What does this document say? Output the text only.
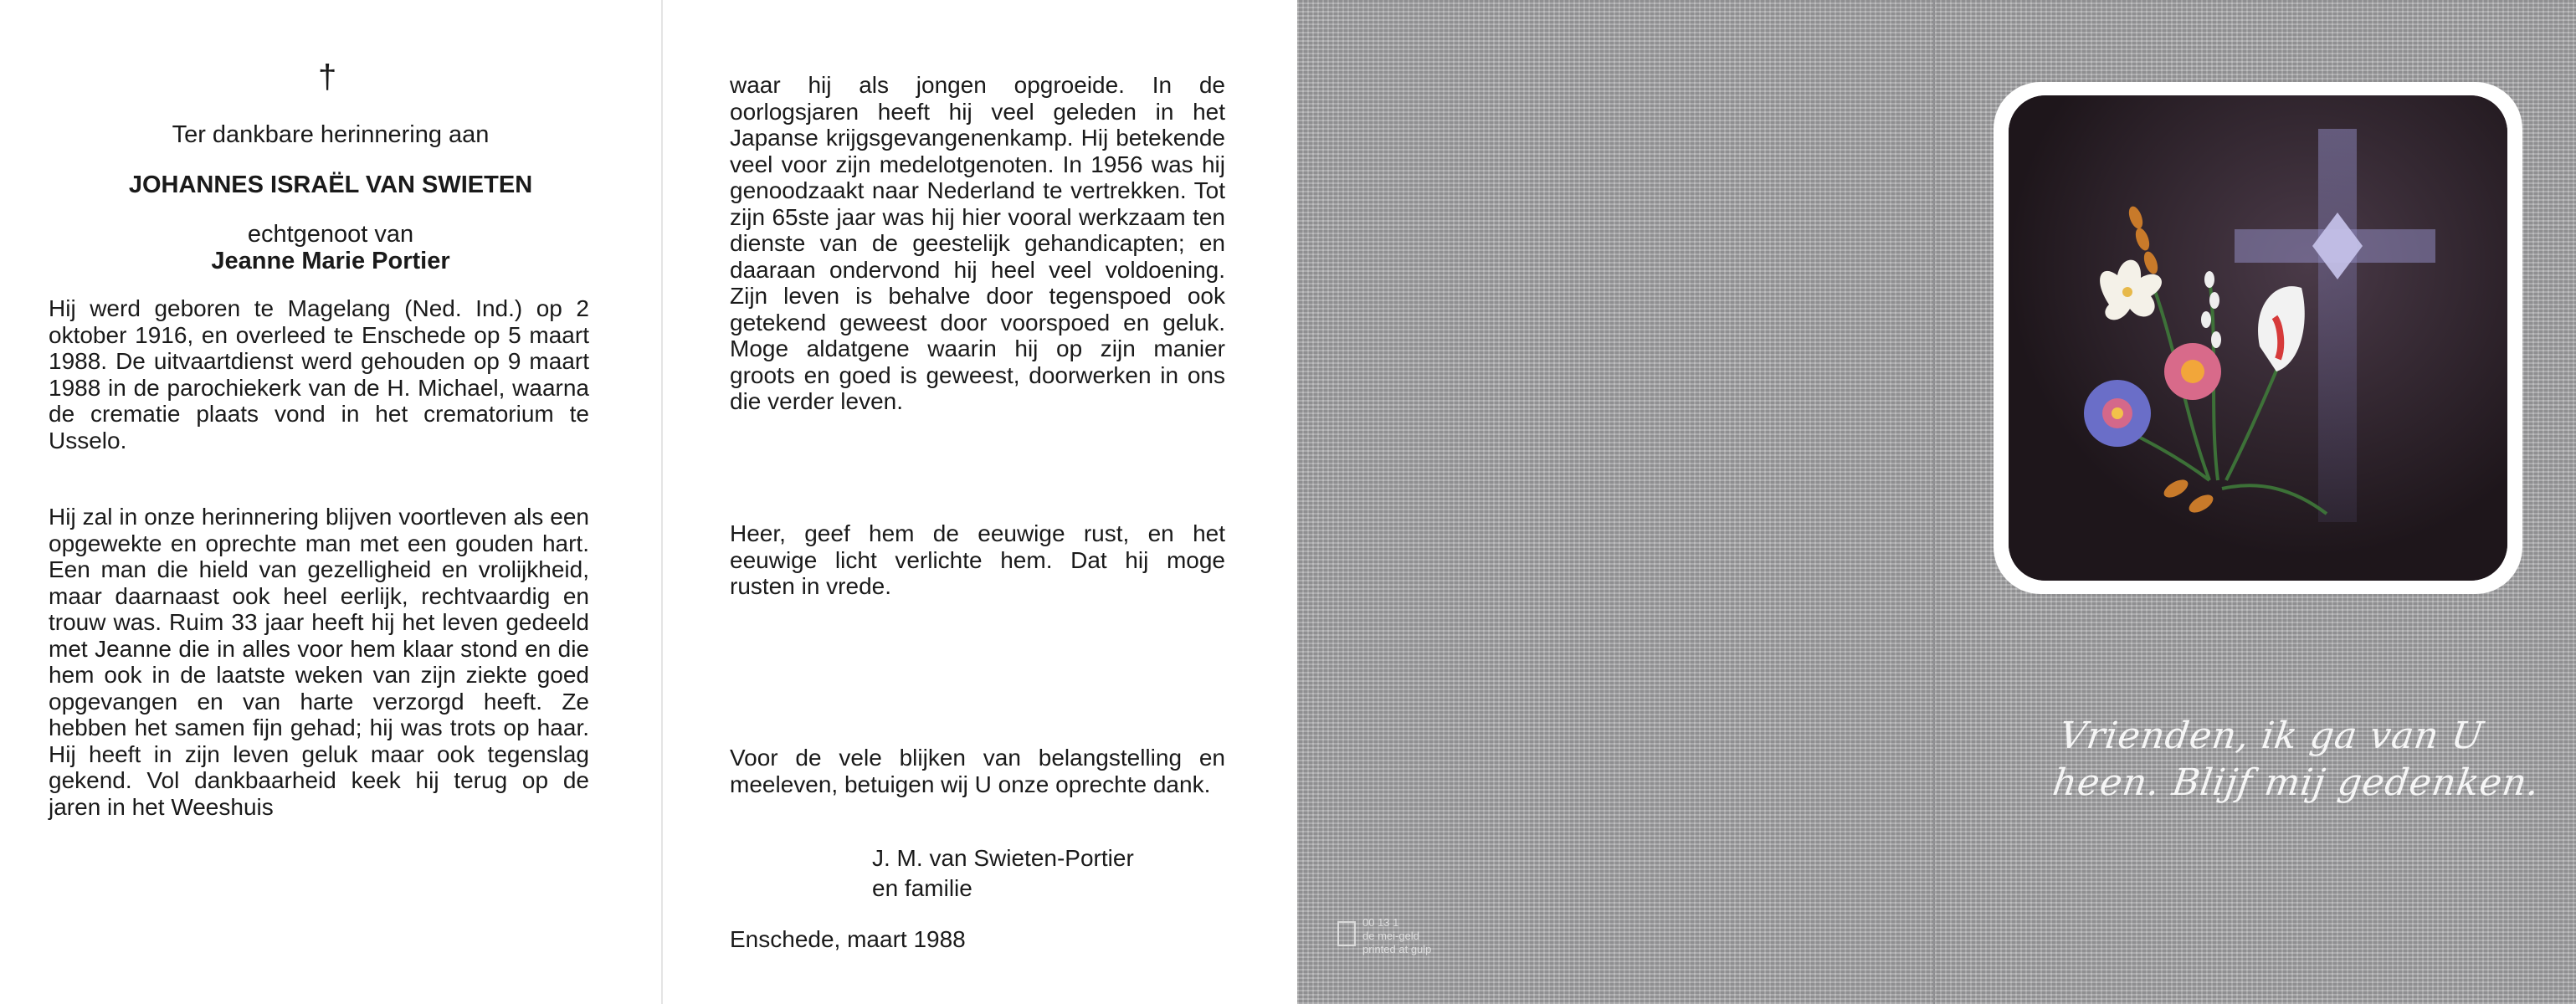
†
Ter dankbare herinnering aan
JOHANNES ISRAËL VAN SWIETEN
echtgenoot van
Jeanne Marie Portier
Hij werd geboren te Magelang (Ned. Ind.) op 2 oktober 1916, en overleed te Enschede op 5 maart 1988. De uitvaartdienst werd gehouden op 9 maart 1988 in de parochiekerk van de H. Michael, waarna de crematie plaats vond in het crematorium te Usselo.
Hij zal in onze herinnering blijven voortleven als een opgewekte en oprechte man met een gouden hart. Een man die hield van gezelligheid en vrolijkheid, maar daarnaast ook heel eerlijk, rechtvaardig en trouw was. Ruim 33 jaar heeft hij het leven gedeeld met Jeanne die in alles voor hem klaar stond en die hem ook in de laatste weken van zijn ziekte goed opgevangen en van harte verzorgd heeft. Ze hebben het samen fijn gehad; hij was trots op haar. Hij heeft in zijn leven geluk maar ook tegenslag gekend. Vol dankbaarheid keek hij terug op de jaren in het Weeshuis
waar hij als jongen opgroeide. In de oorlogsjaren heeft hij veel geleden in het Japanse krijgsgevangenenkamp. Hij betekende veel voor zijn medelotgenoten. In 1956 was hij genoodzaakt naar Nederland te vertrekken. Tot zijn 65ste jaar was hij hier vooral werkzaam ten dienste van de geestelijk gehandicapten; en daaraan ondervond hij heel veel voldoening. Zijn leven is behalve door tegenspoed ook getekend geweest door voorspoed en geluk. Moge aldatgene waarin hij op zijn manier groots en goed is geweest, doorwerken in ons die verder leven.
Heer, geef hem de eeuwige rust, en het eeuwige licht verlichte hem. Dat hij moge rusten in vrede.
Voor de vele blijken van belangstelling en meeleven, betuigen wij U onze oprechte dank.
J. M. van Swieten-Portier
en familie
Enschede, maart 1988
00 13 1
de mei-geld
printed at gulp
Vrienden, ik ga van U
heen. Blijf mij gedenken.
